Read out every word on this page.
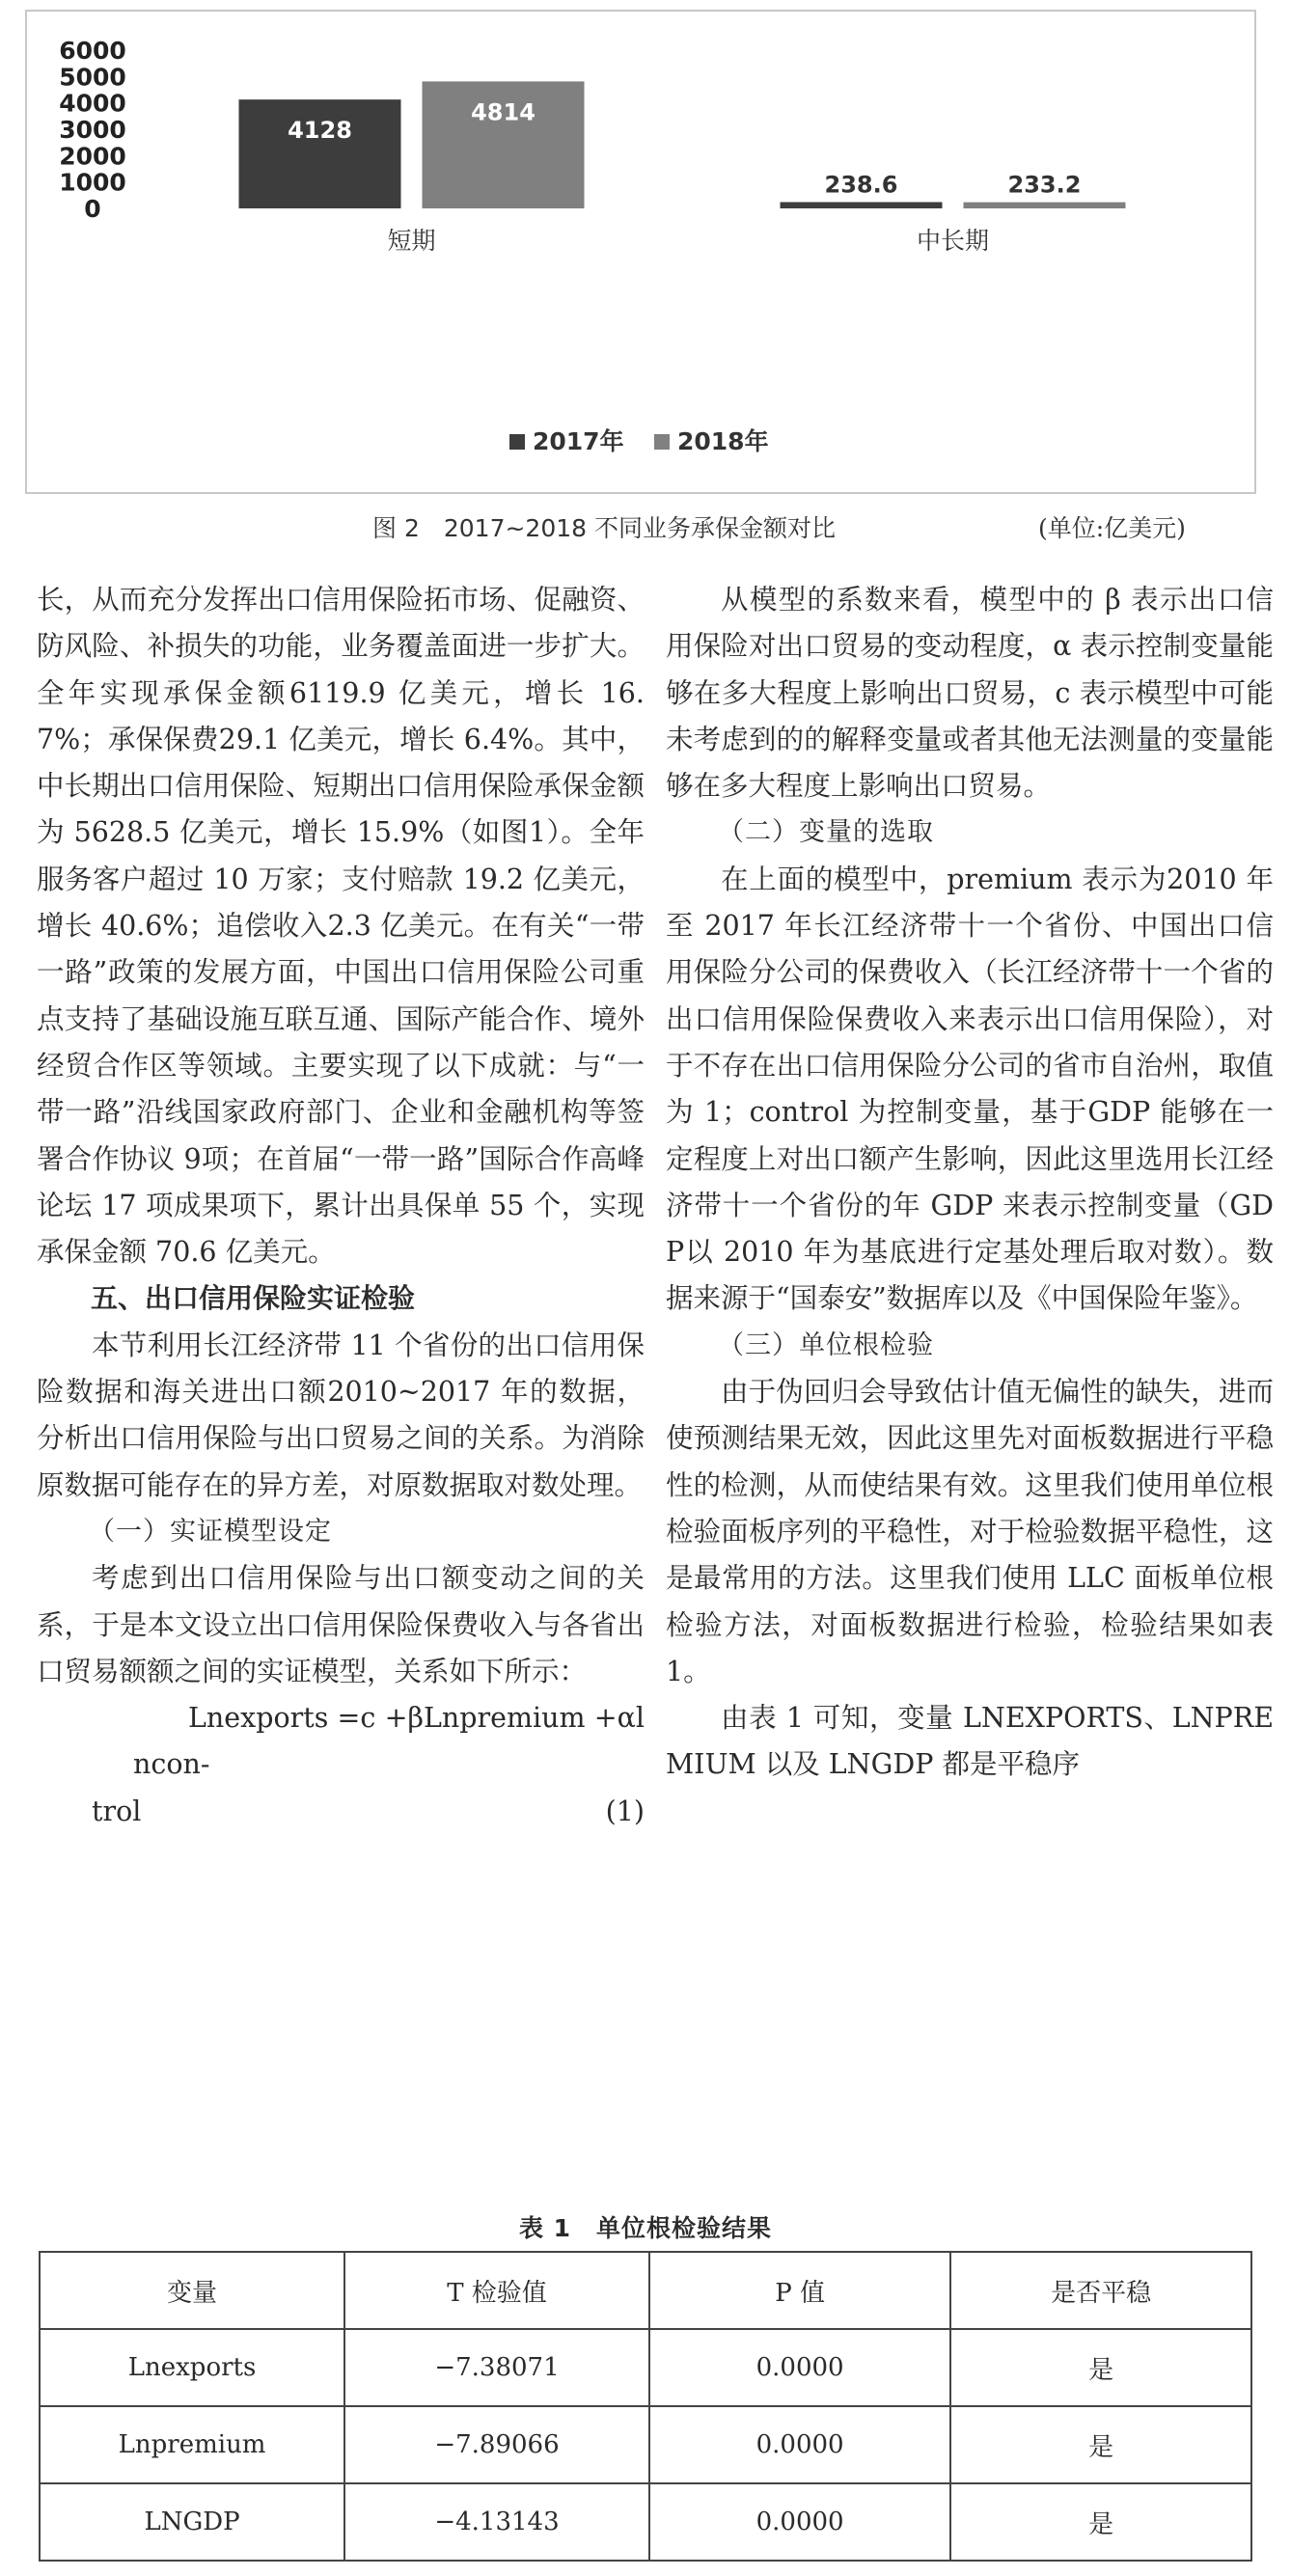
0
1000
2000
3000
4000
5000
6000
4128
4814
短期
238.6	233.2
中长期
2017年 2018年
图 2　2017~2018 不同业务承保金额对比	(单位:亿美元)

长，从而充分发挥出口信用保险拓市场、促融资、防风险、补损失的功能，业务覆盖面进一步扩大。全年实现承保金额6119.9 亿美元，增长 16.7%；承保保费29.1 亿美元，增长 6.4%。其中，中长期出口信用保险、短期出口信用保险承保金额为 5628.5 亿美元，增长 15.9%（如图1）。全年服务客户超过 10 万家；支付赔款 19.2 亿美元，增长 40.6%；追偿收入2.3 亿美元。在有关“一带一路”政策的发展方面，中国出口信用保险公司重点支持了基础设施互联互通、国际产能合作、境外经贸合作区等领域。主要实现了以下成就：与“一带一路”沿线国家政府部门、企业和金融机构等签署合作协议 9项；在首届“一带一路”国际合作高峰论坛 17 项成果项下，累计出具保单 55 个，实现承保金额 70.6 亿美元。

五、出口信用保险实证检验

本节利用长江经济带 11 个省份的出口信用保险数据和海关进出口额2010~2017 年的数据，分析出口信用保险与出口贸易之间的关系。为消除原数据可能存在的异方差，对原数据取对数处理。

（一）实证模型设定

考虑到出口信用保险与出口额变动之间的关系，于是本文设立出口信用保险保费收入与各省出口贸易额额之间的实证模型，关系如下所示：

Lnexports =c +βLnpremium +αlncon-

trol	(1)

从模型的系数来看，模型中的 β 表示出口信用保险对出口贸易的变动程度，α 表示控制变量能够在多大程度上影响出口贸易，c 表示模型中可能未考虑到的的解释变量或者其他无法测量的变量能够在多大程度上影响出口贸易。

（二）变量的选取

在上面的模型中，premium 表示为2010 年至 2017 年长江经济带十一个省份、中国出口信用保险分公司的保费收入（长江经济带十一个省的出口信用保险保费收入来表示出口信用保险），对于不存在出口信用保险分公司的省市自治州，取值为 1；control 为控制变量，基于GDP 能够在一定程度上对出口额产生影响，因此这里选用长江经济带十一个省份的年 GDP 来表示控制变量（GDP以 2010 年为基底进行定基处理后取对数）。数据来源于“国泰安”数据库以及《中国保险年鉴》。

（三）单位根检验

由于伪回归会导致估计值无偏性的缺失，进而使预测结果无效，因此这里先对面板数据进行平稳性的检测，从而使结果有效。这里我们使用单位根检验面板序列的平稳性，对于检验数据平稳性，这是最常用的方法。这里我们使用 LLC 面板单位根检验方法，对面板数据进行检验，检验结果如表 1。

由表 1 可知，变量 LNEXPORTS、LNPREMIUM 以及 LNGDP 都是平稳序

表 1　单位根检验结果
变量	T 检验值	P 值	是否平稳
Lnexports	−7.38071	0.0000	是
Lnpremium	−7.89066	0.0000	是
LNGDP	−4.13143	0.0000	是
